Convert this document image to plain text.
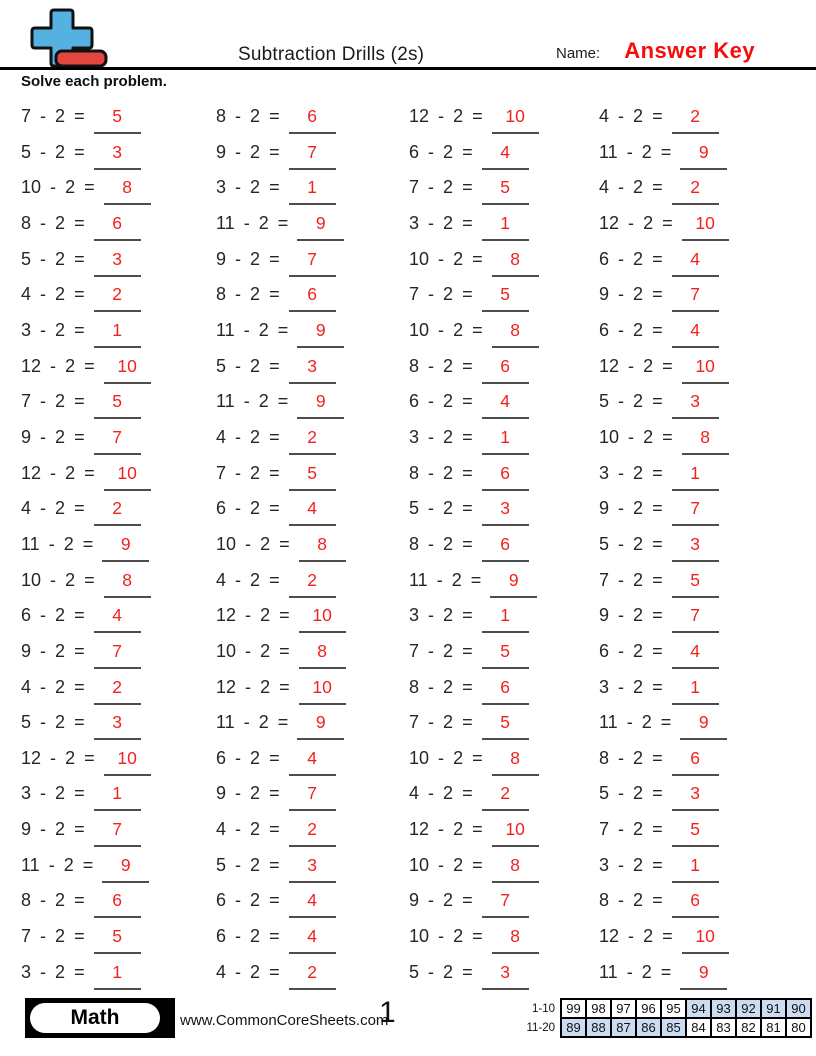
Subtraction Drills (2s)	Name: Answer Key
Solve each problem.
7 - 2 =	5
5 - 2 =	3
10 - 2 =	8
8 - 2 =	6
5 - 2 =	3
4 - 2 =	2
3 - 2 =	1
12 - 2 =	10
7 - 2 =	5
9 - 2 =	7
12 - 2 =	10
4 - 2 =	2
11 - 2 =	9
10 - 2 =	8
6 - 2 =	4
9 - 2 =	7
4 - 2 =	2
5 - 2 =	3
12 - 2 =	10
3 - 2 =	1
9 - 2 =	7
11 - 2 =	9
8 - 2 =	6
7 - 2 =	5
3 - 2 =	1
8 - 2 =	6
9 - 2 =	7
3 - 2 =	1
11 - 2 =	9
9 - 2 =	7
8 - 2 =	6
11 - 2 =	9
5 - 2 =	3
11 - 2 =	9
4 - 2 =	2
7 - 2 =	5
6 - 2 =	4
10 - 2 =	8
4 - 2 =	2
12 - 2 =	10
10 - 2 =	8
12 - 2 =	10
11 - 2 =	9
6 - 2 =	4
9 - 2 =	7
4 - 2 =	2
5 - 2 =	3
6 - 2 =	4
6 - 2 =	4
4 - 2 =	2
12 - 2 =	10
6 - 2 =	4
7 - 2 =	5
3 - 2 =	1
10 - 2 =	8
7 - 2 =	5
10 - 2 =	8
8 - 2 =	6
6 - 2 =	4
3 - 2 =	1
8 - 2 =	6
5 - 2 =	3
8 - 2 =	6
11 - 2 =	9
3 - 2 =	1
7 - 2 =	5
8 - 2 =	6
7 - 2 =	5
10 - 2 =	8
4 - 2 =	2
12 - 2 =	10
10 - 2 =	8
9 - 2 =	7
10 - 2 =	8
5 - 2 =	3
4 - 2 =	2
11 - 2 =	9
4 - 2 =	2
12 - 2 =	10
6 - 2 =	4
9 - 2 =	7
6 - 2 =	4
12 - 2 =	10
5 - 2 =	3
10 - 2 =	8
3 - 2 =	1
9 - 2 =	7
5 - 2 =	3
7 - 2 =	5
9 - 2 =	7
6 - 2 =	4
3 - 2 =	1
11 - 2 =	9
8 - 2 =	6
5 - 2 =	3
7 - 2 =	5
3 - 2 =	1
8 - 2 =	6
12 - 2 =	10
11 - 2 =	9
Math	www.CommonCoreSheets.com
1	1-10	99	98	97	96	95	94	93	92	91	90
11-20	89	88	87	86	85	84	83	82	81	80
